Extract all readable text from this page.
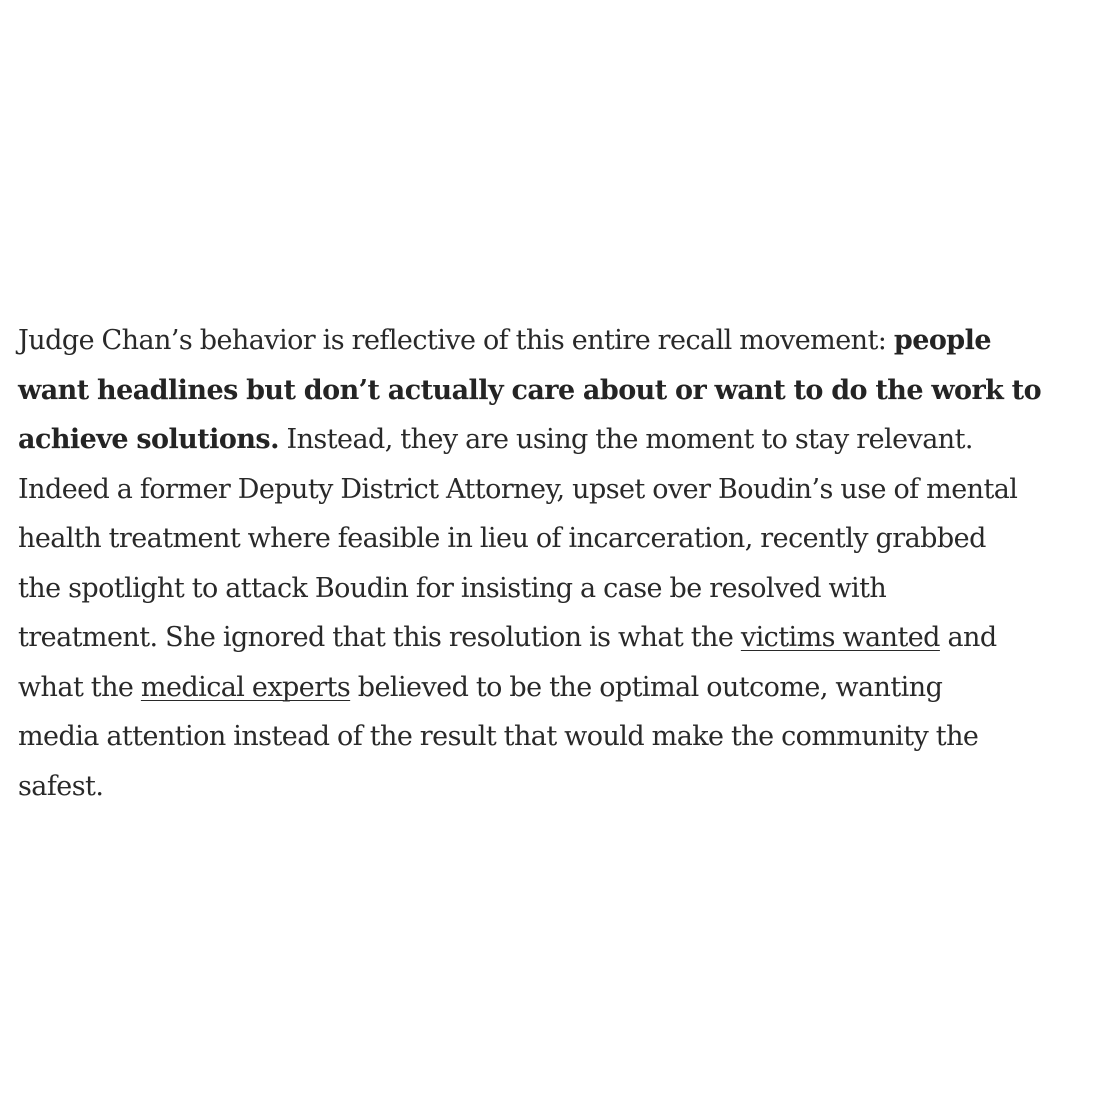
Judge Chan’s behavior is reflective of this entire recall movement: people
want headlines but don’t actually care about or want to do the work to
achieve solutions. Instead, they are using the moment to stay relevant.
Indeed a former Deputy District Attorney, upset over Boudin’s use of mental
health treatment where feasible in lieu of incarceration, recently grabbed
the spotlight to attack Boudin for insisting a case be resolved with
treatment. She ignored that this resolution is what the victims wanted and
what the medical experts believed to be the optimal outcome, wanting
media attention instead of the result that would make the community the
safest.
